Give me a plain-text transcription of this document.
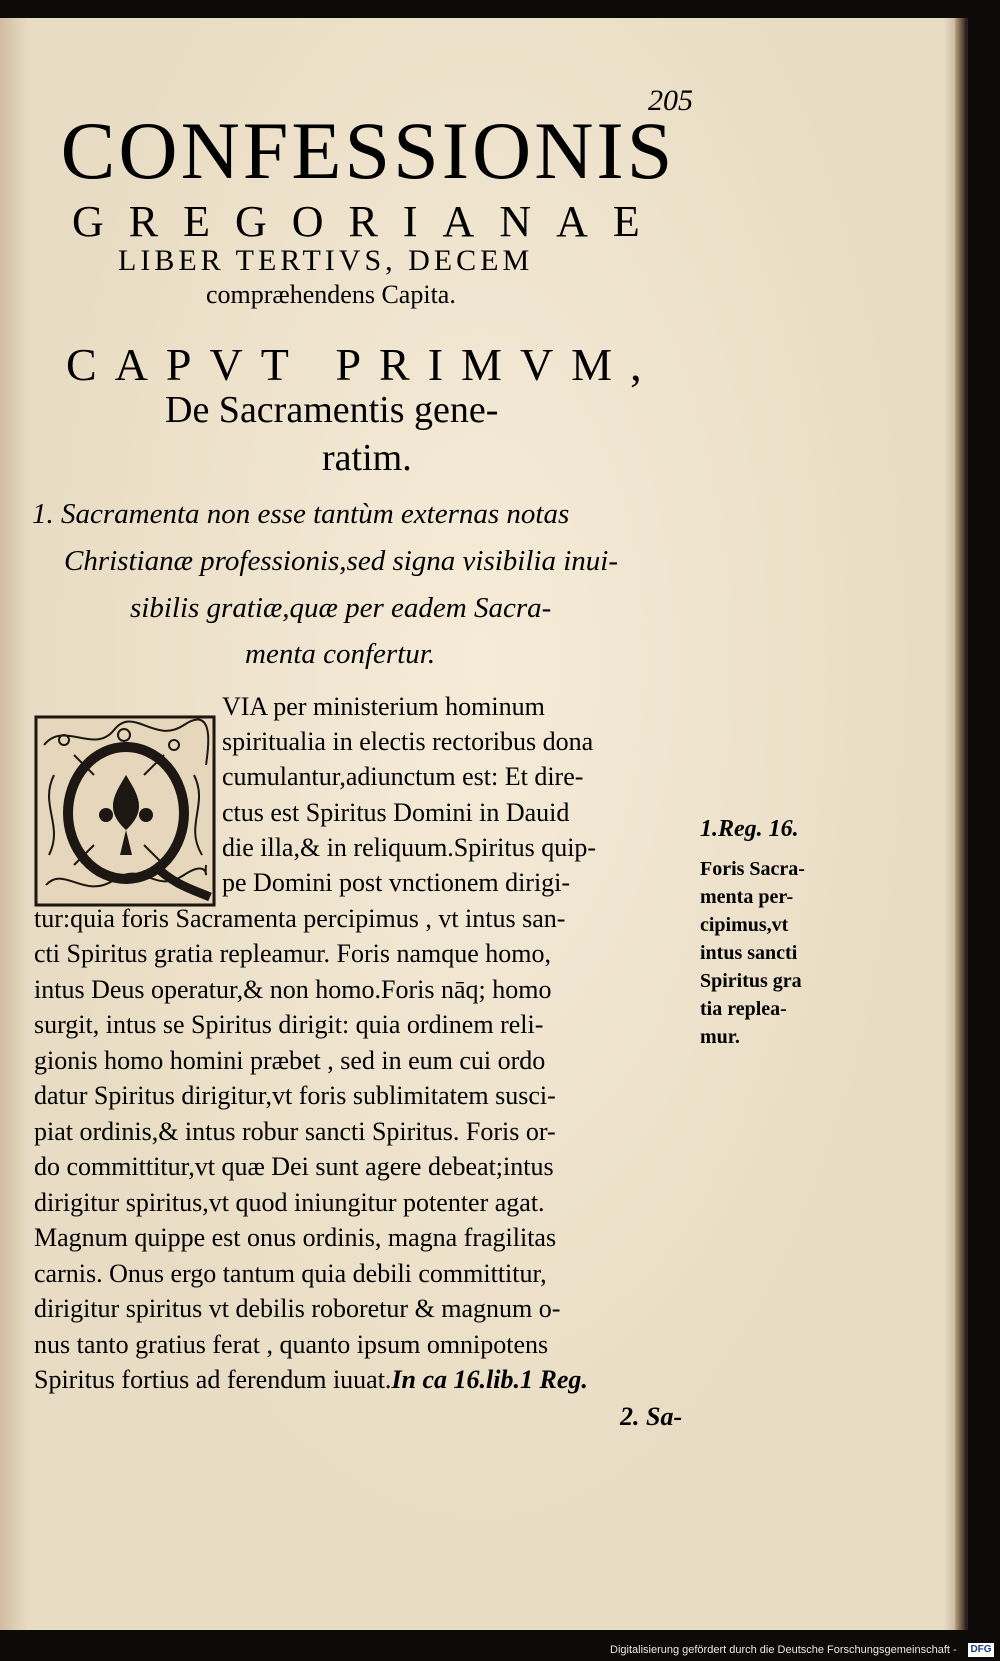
205
CONFESSIONIS
GREGORIANAE
LIBER TERTIVS, DECEM
comprӕhendens Capita.
CAPVT PRIMVM,
De Sacramentis gene-
ratim.
1. Sacramenta non esse tantùm externas notas
Christianӕ professionis,sed signa visibilia inui-
sibilis gratiӕ,quӕ per eadem Sacra-
menta confertur.
Q
VIA per ministerium hominum
spiritualia in electis rectoribus dona
cumulantur,adiunctum est: Et dire-
ctus est Spiritus Domini in Dauid
die illa,& in reliquum.Spiritus quip-
pe Domini post vnctionem dirigi-
tur:quia foris Sacramenta percipimus , vt intus san-
cti Spiritus gratia repleamur. Foris namque homo,
intus Deus operatur,& non homo.Foris nāq; homo
surgit, intus se Spiritus dirigit: quia ordinem reli-
gionis homo homini prӕbet , sed in eum cui ordo
datur Spiritus dirigitur,vt foris sublimitatem susci-
piat ordinis,& intus robur sancti Spiritus. Foris or-
do committitur,vt quӕ Dei sunt agere debeat;intus
dirigitur spiritus,vt quod iniungitur potenter agat.
Magnum quippe est onus ordinis, magna fragilitas
carnis. Onus ergo tantum quia debili committitur,
dirigitur spiritus vt debilis roboretur & magnum o-
nus tanto gratius ferat , quanto ipsum omnipotens
Spiritus fortius ad ferendum iuuat.In ca 16.lib.1 Reg.
2. Sa-
1.Reg. 16.
Foris Sacra-
menta per-
cipimus,vt
intus sancti
Spiritus gra
tia replea-
mur.
Digitalisierung gefördert durch die Deutsche Forschungsgemeinschaft - DFG
